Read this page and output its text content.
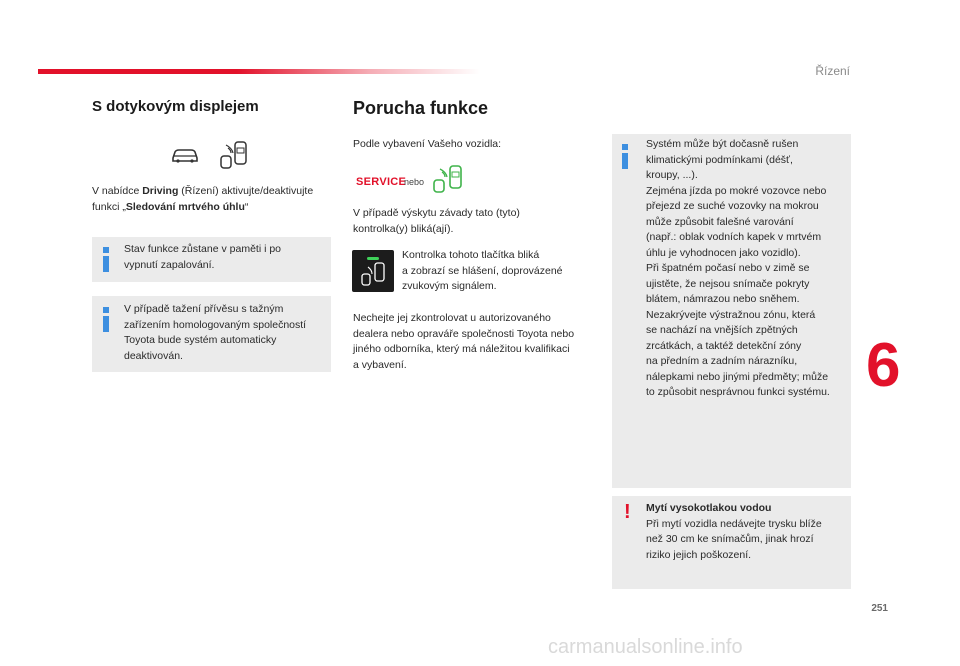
Řízení
6
251
S dotykovým displejem
V nabídce Driving (Řízení) aktivujte/deaktivujte
funkci „Sledování mrtvého úhlu“
Stav funkce zůstane v paměti i po
vypnutí zapalování.
V případě tažení přívěsu s tažným
zařízením homologovaným společností
Toyota bude systém automaticky
deaktivován.
Porucha funkce
Podle vybavení Vašeho vozidla:
SERVICE
nebo
V případě výskytu závady tato (tyto)
kontrolka(y) bliká(ají).
Kontrolka tohoto tlačítka bliká
a zobrazí se hlášení, doprovázené
zvukovým signálem.
Nechejte jej zkontrolovat u autorizovaného
dealera nebo opraváře společnosti Toyota nebo
jiného odborníka, který má náležitou kvalifikaci
a vybavení.
Systém může být dočasně rušen
klimatickými podmínkami (déšť,
kroupy, ...).
Zejména jízda po mokré vozovce nebo
přejezd ze suché vozovky na mokrou
může způsobit falešné varování
(např.: oblak vodních kapek v mrtvém
úhlu je vyhodnocen jako vozidlo).
Při špatném počasí nebo v zimě se
ujistěte, že nejsou snímače pokryty
blátem, námrazou nebo sněhem.
Nezakrývejte výstražnou zónu, která
se nachází na vnějších zpětných
zrcátkách, a taktéž detekční zóny
na předním a zadním nárazníku,
nálepkami nebo jinými předměty; může
to způsobit nesprávnou funkci systému.
! Mytí vysokotlakou vodou
Při mytí vozidla nedávejte trysku blíže
než 30 cm ke snímačům, jinak hrozí
riziko jejich poškození.
carmanualsonline.info
